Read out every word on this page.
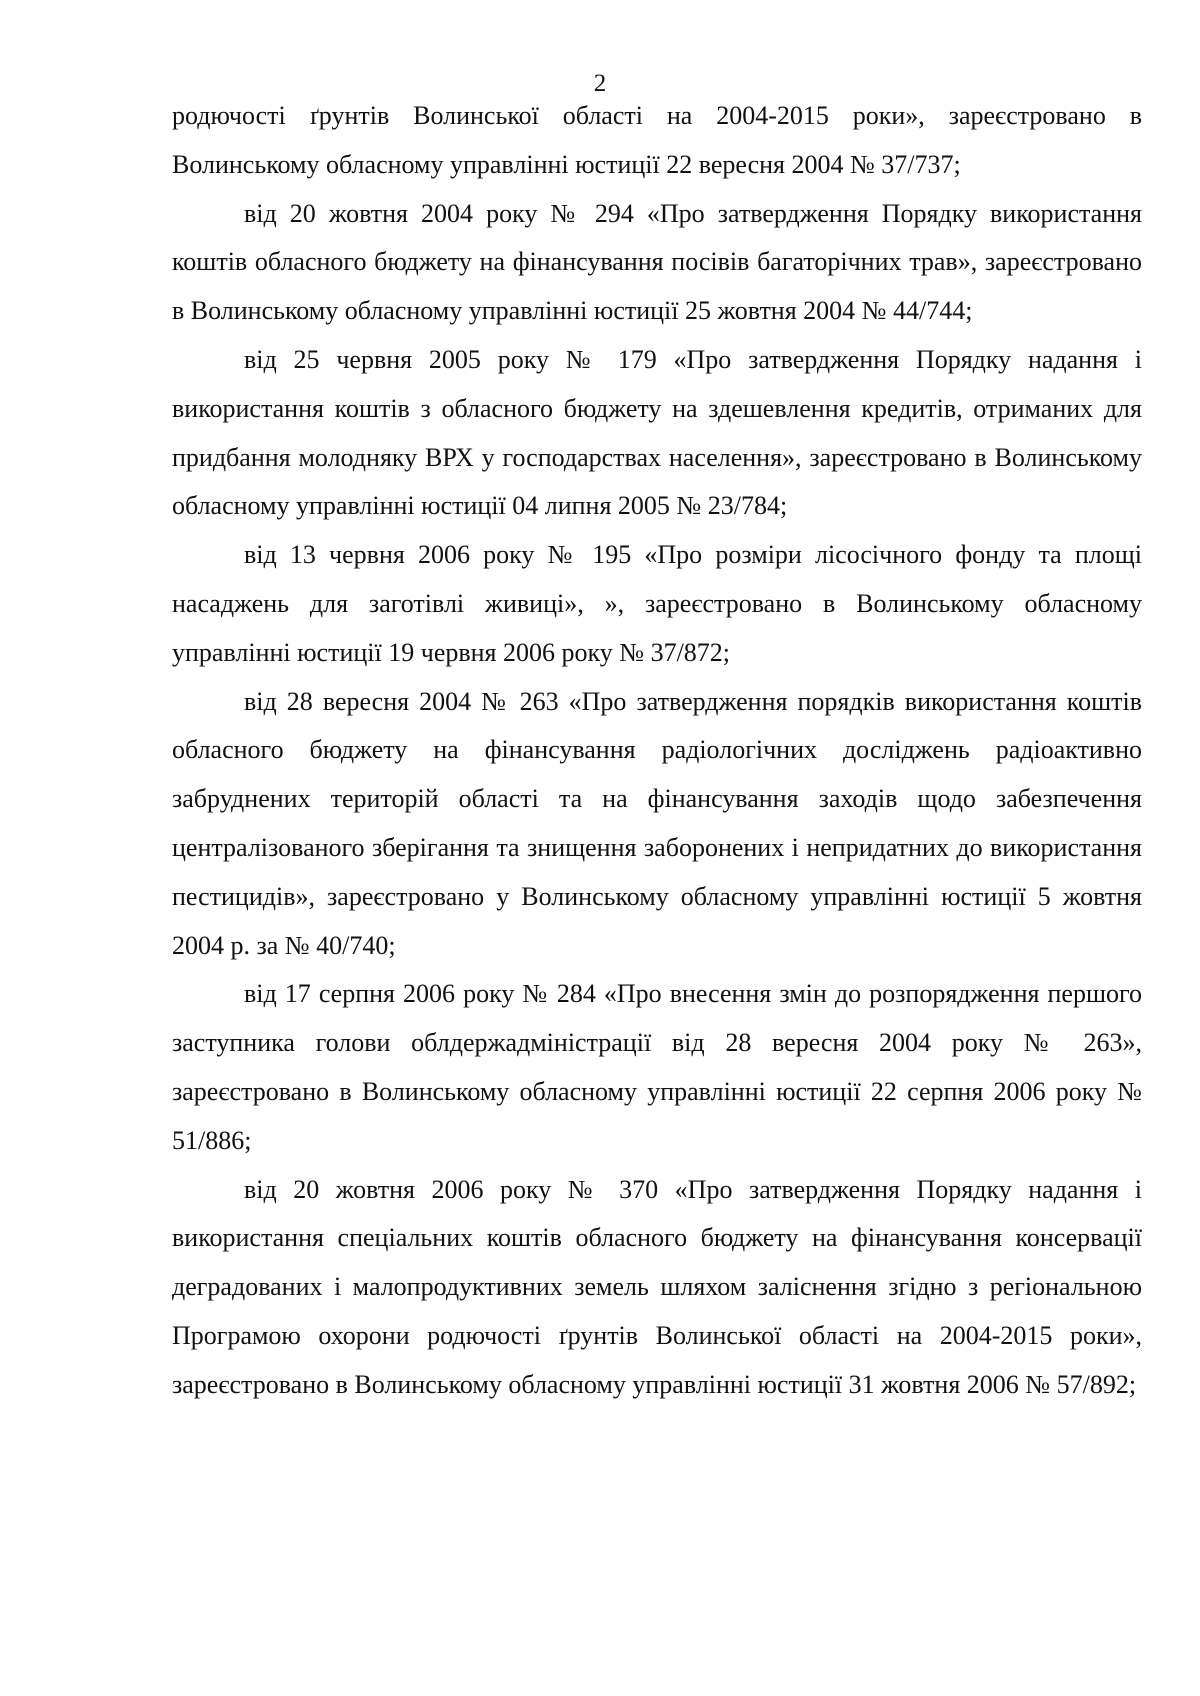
2

родючості ґрунтів Волинської області на 2004-2015 роки», зареєстровано в Волинському обласному управлінні юстиції 22 вересня 2004 № 37/737;

від 20 жовтня 2004 року № 294 «Про затвердження Порядку використання коштів обласного бюджету на фінансування посівів багаторічних трав», зареєстровано в Волинському обласному управлінні юстиції 25 жовтня 2004 № 44/744;

від 25 червня 2005 року № 179 «Про затвердження Порядку надання і використання коштів з обласного бюджету на здешевлення кредитів, отриманих для придбання молодняку ВРХ у господарствах населення», зареєстровано в Волинському обласному управлінні юстиції 04 липня 2005 № 23/784;

від 13 червня 2006 року № 195 «Про розміри лісосічного фонду та площі насаджень для заготівлі живиці», », зареєстровано в Волинському обласному управлінні юстиції 19 червня 2006 року № 37/872;

від 28 вересня 2004 № 263 «Про затвердження порядків використання коштів обласного бюджету на фінансування радіологічних досліджень радіоактивно забруднених територій області та на фінансування заходів щодо забезпечення централізованого зберігання та знищення заборонених і непридатних до використання пестицидів», зареєстровано у Волинському обласному управлінні юстиції 5 жовтня 2004 р. за № 40/740;

від 17 серпня 2006 року № 284 «Про внесення змін до розпорядження першого заступника голови облдержадміністрації від 28 вересня 2004 року № 263», зареєстровано в Волинському обласному управлінні юстиції 22 серпня 2006 року № 51/886;

від 20 жовтня 2006 року № 370 «Про затвердження Порядку надання і використання спеціальних коштів обласного бюджету на фінансування консервації деградованих і малопродуктивних земель шляхом заліснення згідно з регіональною Програмою охорони родючості ґрунтів Волинської області на 2004-2015 роки», зареєстровано в Волинському обласному управлінні юстиції 31 жовтня 2006 № 57/892;
